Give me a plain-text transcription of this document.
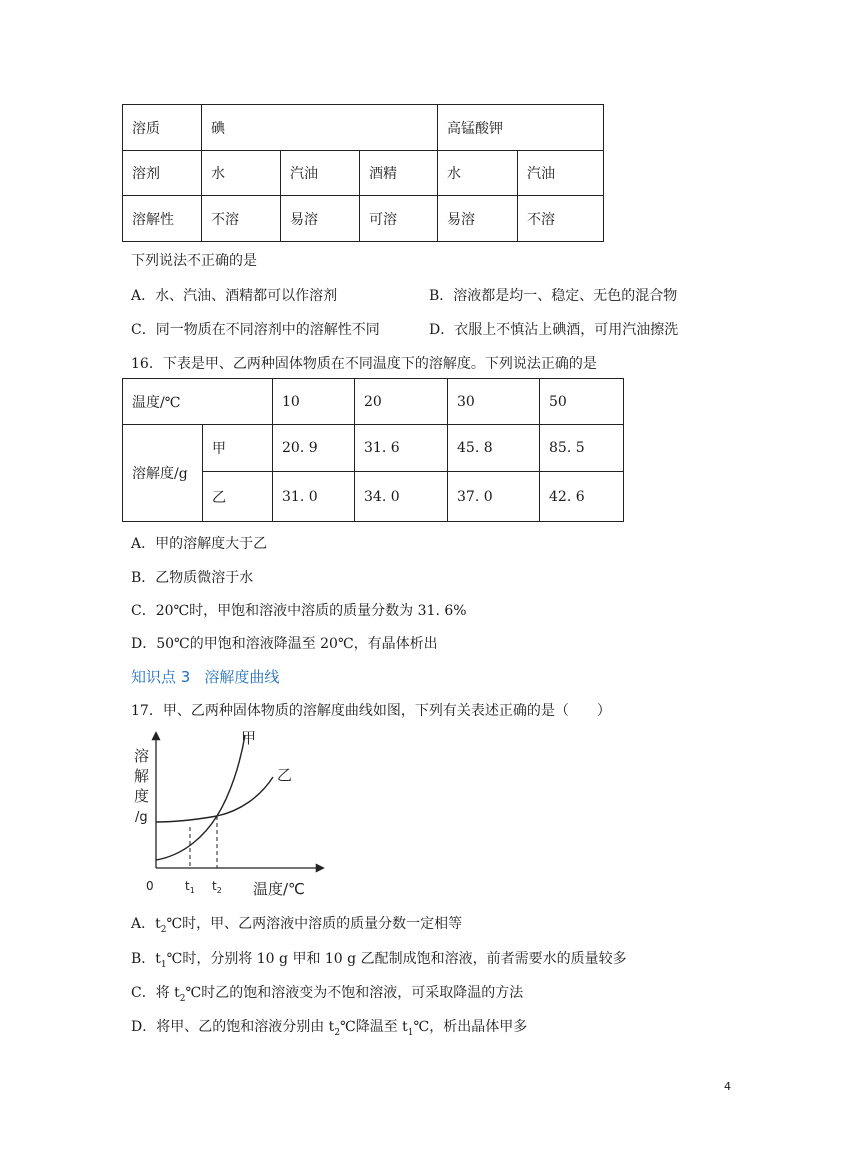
溶质	碘			高锰酸钾	
溶剂	水	汽油	酒精	水	汽油
溶解性	不溶	易溶	可溶	易溶	不溶
下列说法不正确的是
A．水、汽油、酒精都可以作溶剂	B．溶液都是均一、稳定、无色的混合物
C．同一物质在不同溶剂中的溶解性不同	D．衣服上不慎沾上碘酒，可用汽油擦洗
16．下表是甲、乙两种固体物质在不同温度下的溶解度。下列说法正确的是
温度/℃		10	20	30	50
溶解度/g	甲	20. 9	31. 6	45. 8	85. 5
	乙	31. 0	34. 0	37. 0	42. 6
A．甲的溶解度大于乙
B．乙物质微溶于水
C．20℃时，甲饱和溶液中溶质的质量分数为 31. 6%
D．50℃的甲饱和溶液降温至 20℃，有晶体析出
知识点 3 溶解度曲线
17．甲、乙两种固体物质的溶解度曲线如图，下列有关表述正确的是（　　）
溶
解
度
/g
0	$t_1$ $t_2$ 温度/℃
甲
乙
A．$t_2℃$时，甲、乙两溶液中溶质的质量分数一定相等
B．$t_1℃$时，分别将 10 g 甲和 10 g 乙配制成饱和溶液，前者需要水的质量较多
C．将 $t_2℃$时乙的饱和溶液变为不饱和溶液，可采取降温的方法
D．将甲、乙的饱和溶液分别由 $t_2℃$降温至 $t_1℃$，析出晶体甲多
4
